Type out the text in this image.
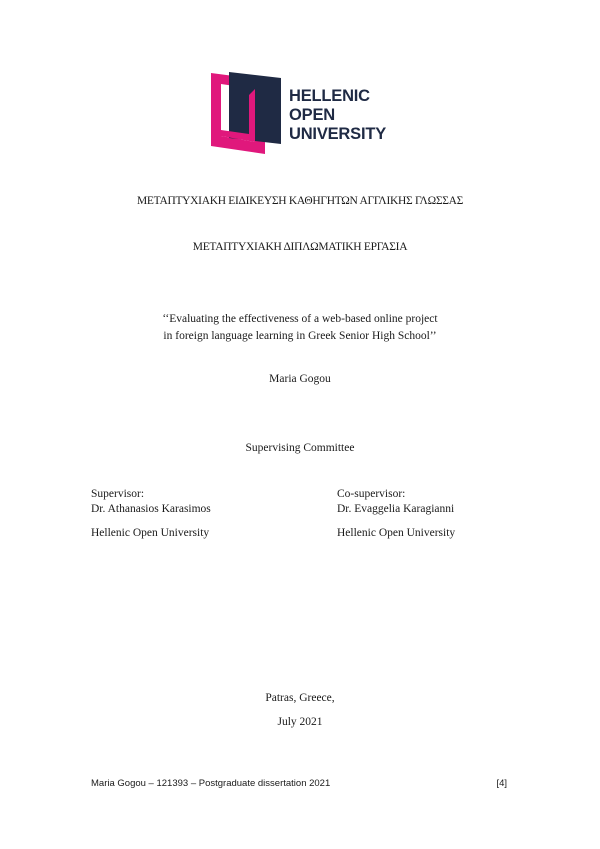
HELLENIC
OPEN
UNIVERSITY
ΜΕΤΑΠΤΥΧΙΑΚΗ ΕΙΔΙΚΕΥΣΗ ΚΑΘΗΓΗΤΩΝ ΑΓΓΛΙΚΗΣ ΓΛΩΣΣΑΣ
ΜΕΤΑΠΤΥΧΙΑΚΗ ΔΙΠΛΩΜΑΤΙΚΗ ΕΡΓΑΣΙΑ
‘‘Evaluating the effectiveness of a web-based online project
in foreign language learning in Greek Senior High School’’
Maria Gogou
Supervising Committee
Supervisor:
Dr. Athanasios Karasimos
Hellenic Open University
Co-supervisor:
Dr. Evaggelia Karagianni
Hellenic Open University
Patras, Greece,
July 2021
Maria Gogou – 121393 – Postgraduate dissertation 2021	[4]
